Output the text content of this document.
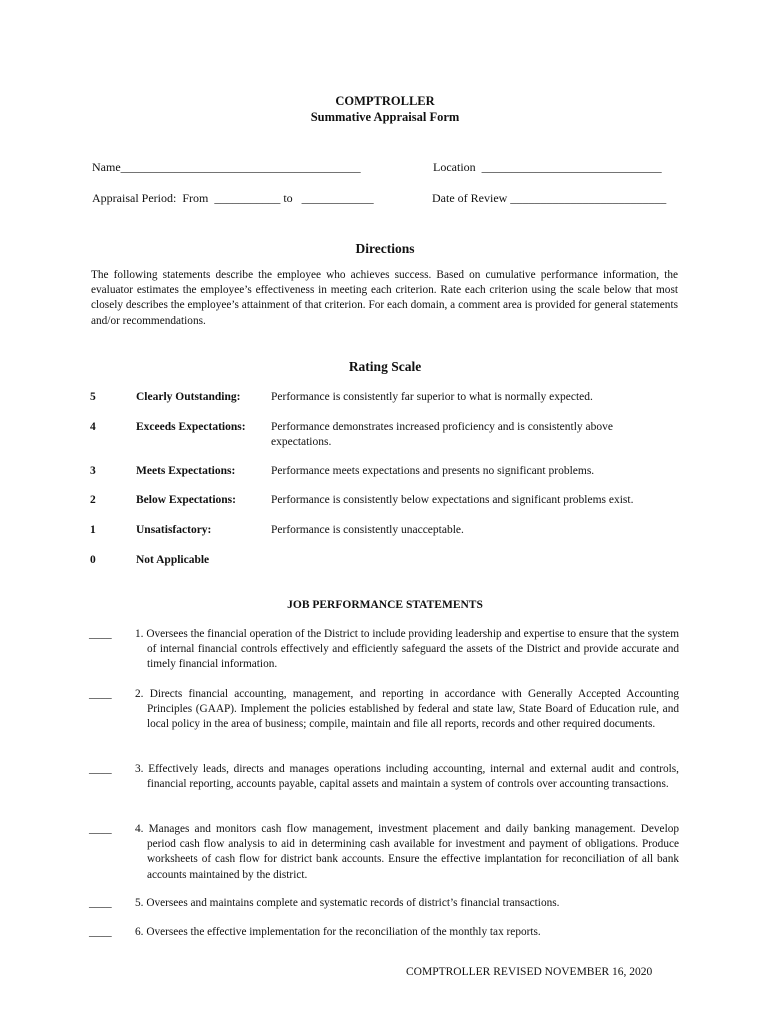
COMPTROLLER
Summative Appraisal Form
Name________________________________________	Location  ______________________________
Appraisal Period:  From  ___________ to   ____________	Date of Review __________________________
Directions
The following statements describe the employee who achieves success. Based on cumulative performance information, the evaluator estimates the employee’s effectiveness in meeting each criterion. Rate each criterion using the scale below that most closely describes the employee’s attainment of that criterion. For each domain, a comment area is provided for general statements and/or recommendations.
Rating Scale
5	Clearly Outstanding:	Performance is consistently far superior to what is normally expected.
4	Exceeds Expectations: Performance demonstrates increased proficiency and is consistently above expectations.
3	Meets Expectations:	Performance meets expectations and presents no significant problems.
2	Below Expectations:	Performance is consistently below expectations and significant problems exist.
1	Unsatisfactory:	Performance is consistently unacceptable.
0	Not Applicable
JOB PERFORMANCE STATEMENTS
____ 1. Oversees the financial operation of the District to include providing leadership and expertise to ensure that the system of internal financial controls effectively and efficiently safeguard the assets of the District and provide accurate and timely financial information.
____ 2. Directs financial accounting, management, and reporting in accordance with Generally Accepted Accounting Principles (GAAP). Implement the policies established by federal and state law, State Board of Education rule, and local policy in the area of business; compile, maintain and file all reports, records and other required documents.
____ 3. Effectively leads, directs and manages operations including accounting, internal and external audit and controls, financial reporting, accounts payable, capital assets and maintain a system of controls over accounting transactions.
____ 4. Manages and monitors cash flow management, investment placement and daily banking management. Develop period cash flow analysis to aid in determining cash available for investment and payment of obligations. Produce worksheets of cash flow for district bank accounts. Ensure the effective implantation for reconciliation of all bank accounts maintained by the district.
____ 5. Oversees and maintains complete and systematic records of district’s financial transactions.
____ 6. Oversees the effective implementation for the reconciliation of the monthly tax reports.
COMPTROLLER REVISED NOVEMBER 16, 2020
